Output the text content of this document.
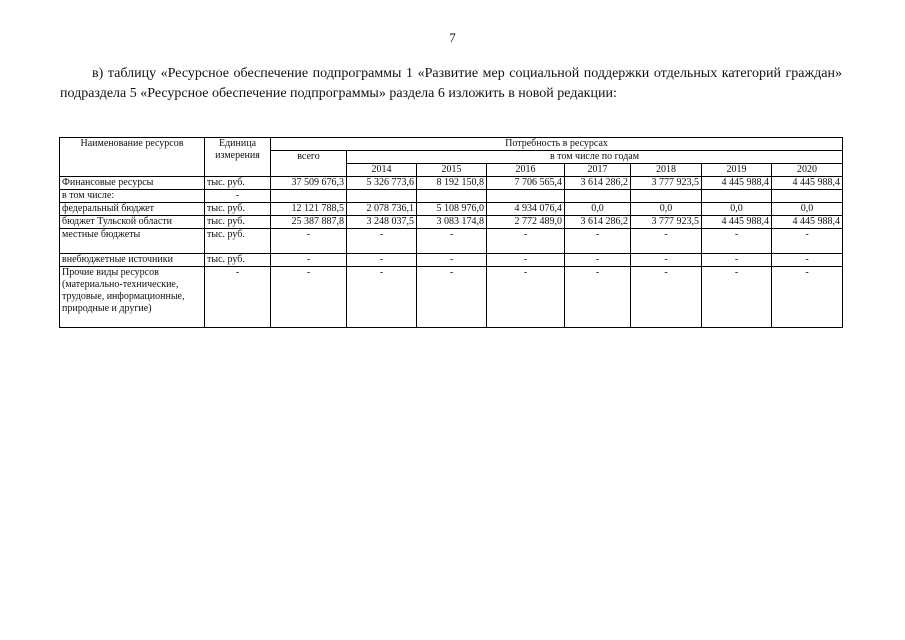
7
в) таблицу «Ресурсное обеспечение подпрограммы 1 «Развитие мер социальной поддержки отдельных категорий граждан» подраздела 5 «Ресурсное обеспечение подпрограммы» раздела 6 изложить в новой редакции:
Наименование ресурсов	Единица измерения	Потребность в ресурсах							
		всего	в том числе по годам						
			2014	2015	2016	2017	2018	2019	2020
Финансовые ресурсы	тыс. руб.	37 509 676,3	5 326 773,6	8 192 150,8	7 706 565,4	3 614 286,2	3 777 923,5	4 445 988,4	4 445 988,4
в том числе:	-								
федеральный бюджет	тыс. руб.	12 121 788,5	2 078 736,1	5 108 976,0	4 934 076,4	0,0	0,0	0,0	0,0
бюджет Тульской области	тыс. руб.	25 387 887,8	3 248 037,5	3 083 174,8	2 772 489,0	3 614 286,2	3 777 923,5	4 445 988,4	4 445 988,4
местные бюджеты	тыс. руб.	-	-	-	-	-	-	-	-
внебюджетные источники	тыс. руб.	-	-	-	-	-	-	-	-
Прочие виды ресурсов (материально-технические, трудовые, информационные, природные и другие)	-	-	-	-	-	-	-	-	-
